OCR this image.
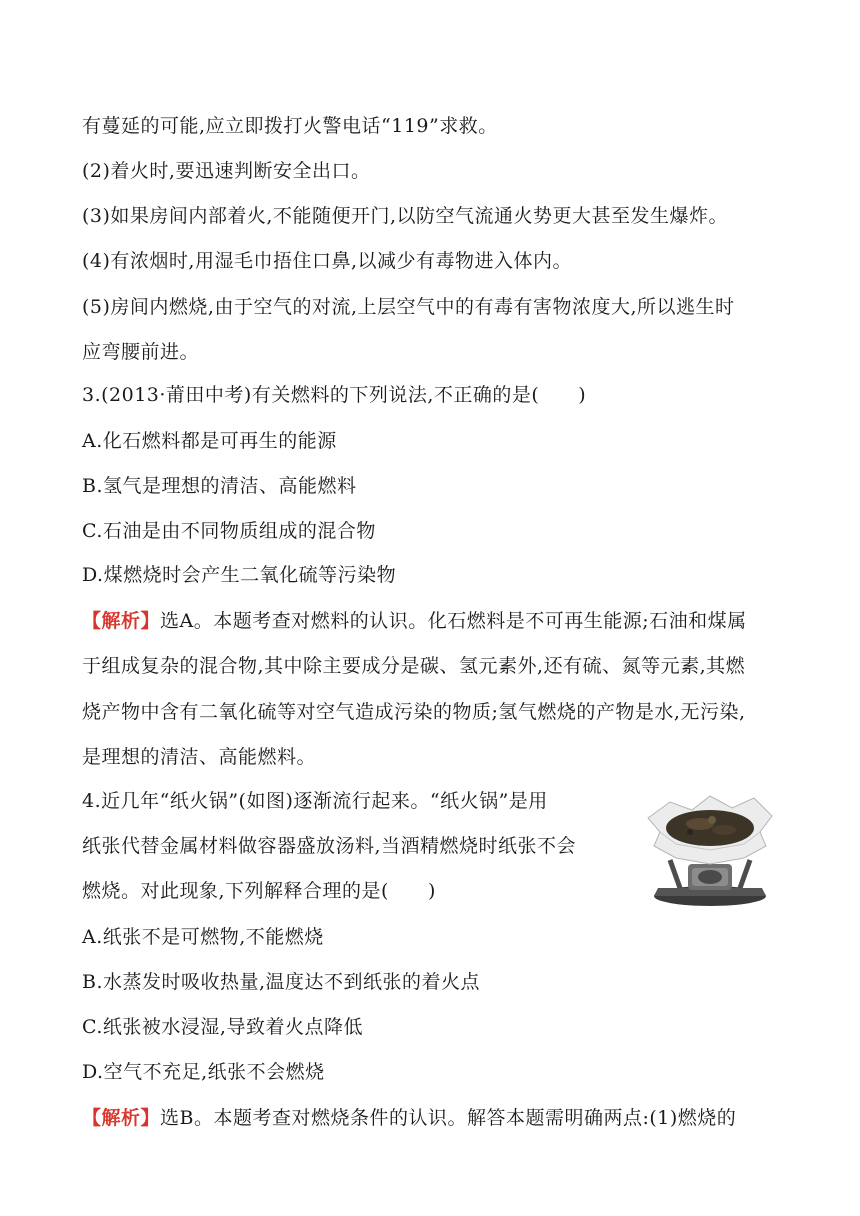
有蔓延的可能,应立即拨打火警电话“119”求救。
(2)着火时,要迅速判断安全出口。
(3)如果房间内部着火,不能随便开门,以防空气流通火势更大甚至发生爆炸。
(4)有浓烟时,用湿毛巾捂住口鼻,以减少有毒物进入体内。
(5)房间内燃烧,由于空气的对流,上层空气中的有毒有害物浓度大,所以逃生时
应弯腰前进。
3.(2013·莆田中考)有关燃料的下列说法,不正确的是(　　)
A.化石燃料都是可再生的能源
B.氢气是理想的清洁、高能燃料
C.石油是由不同物质组成的混合物
D.煤燃烧时会产生二氧化硫等污染物
【解析】选A。本题考查对燃料的认识。化石燃料是不可再生能源;石油和煤属
于组成复杂的混合物,其中除主要成分是碳、氢元素外,还有硫、氮等元素,其燃
烧产物中含有二氧化硫等对空气造成污染的物质;氢气燃烧的产物是水,无污染,
是理想的清洁、高能燃料。
4.近几年“纸火锅”(如图)逐渐流行起来。“纸火锅”是用
纸张代替金属材料做容器盛放汤料,当酒精燃烧时纸张不会
燃烧。对此现象,下列解释合理的是(　　)
A.纸张不是可燃物,不能燃烧
B.水蒸发时吸收热量,温度达不到纸张的着火点
C.纸张被水浸湿,导致着火点降低
D.空气不充足,纸张不会燃烧
【解析】选B。本题考查对燃烧条件的认识。解答本题需明确两点:(1)燃烧的
